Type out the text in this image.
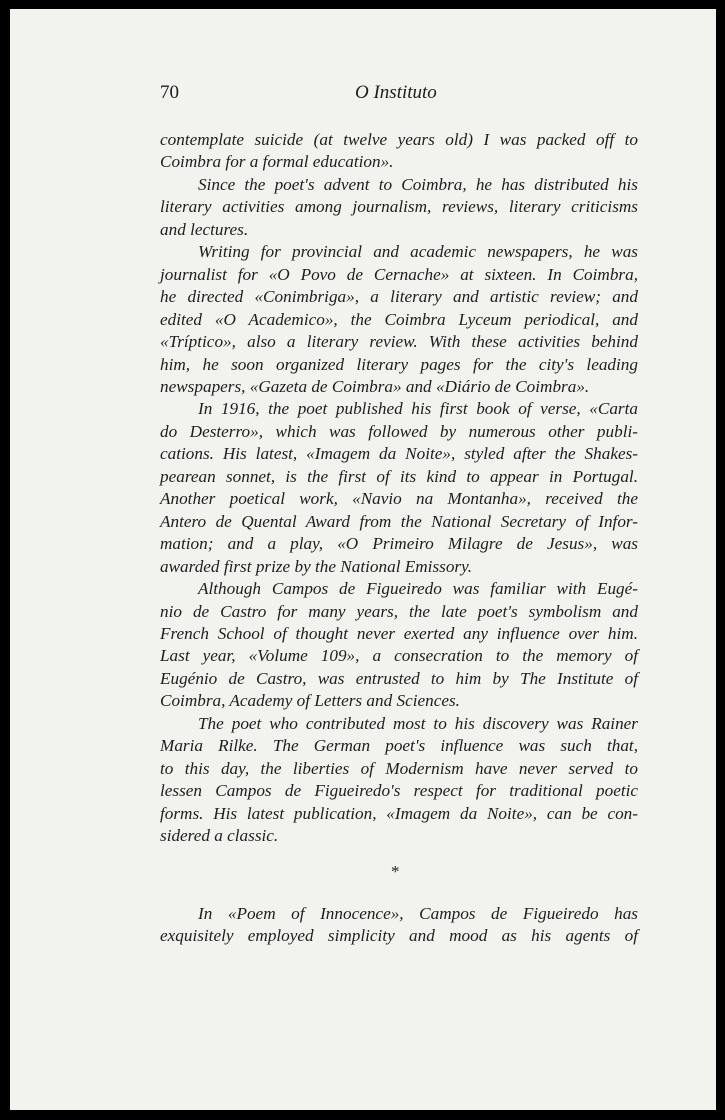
70	O Instituto

contemplate suicide (at twelve years old) I was packed off to
Coimbra for a formal education».

Since the poet's advent to Coimbra, he has distributed his
literary activities among journalism, reviews, literary criticisms
and lectures.

Writing for provincial and academic newspapers, he was
journalist for «O Povo de Cernache» at sixteen. In Coimbra,
he directed «Conimbriga», a literary and artistic review; and
edited «O Academico», the Coimbra Lyceum periodical, and
«Tríptico», also a literary review. With these activities behind
him, he soon organized literary pages for the city's leading
newspapers, «Gazeta de Coimbra» and «Diário de Coimbra».

In 1916, the poet published his first book of verse, «Carta
do Desterro», which was followed by numerous other publi-
cations. His latest, «Imagem da Noite», styled after the Shakes-
pearean sonnet, is the first of its kind to appear in Portugal.
Another poetical work, «Navio na Montanha», received the
Antero de Quental Award from the National Secretary of Infor-
mation; and a play, «O Primeiro Milagre de Jesus», was
awarded first prize by the National Emissory.

Although Campos de Figueiredo was familiar with Eugé-
nio de Castro for many years, the late poet's symbolism and
French School of thought never exerted any influence over him.
Last year, «Volume 109», a consecration to the memory of
Eugénio de Castro, was entrusted to him by The Institute of
Coimbra, Academy of Letters and Sciences.

The poet who contributed most to his discovery was Rainer
Maria Rilke. The German poet's influence was such that,
to this day, the liberties of Modernism have never served to
lessen Campos de Figueiredo's respect for traditional poetic
forms. His latest publication, «Imagem da Noite», can be con-
sidered a classic.

*
In «Poem of Innocence», Campos de Figueiredo has
exquisitely employed simplicity and mood as his agents of
